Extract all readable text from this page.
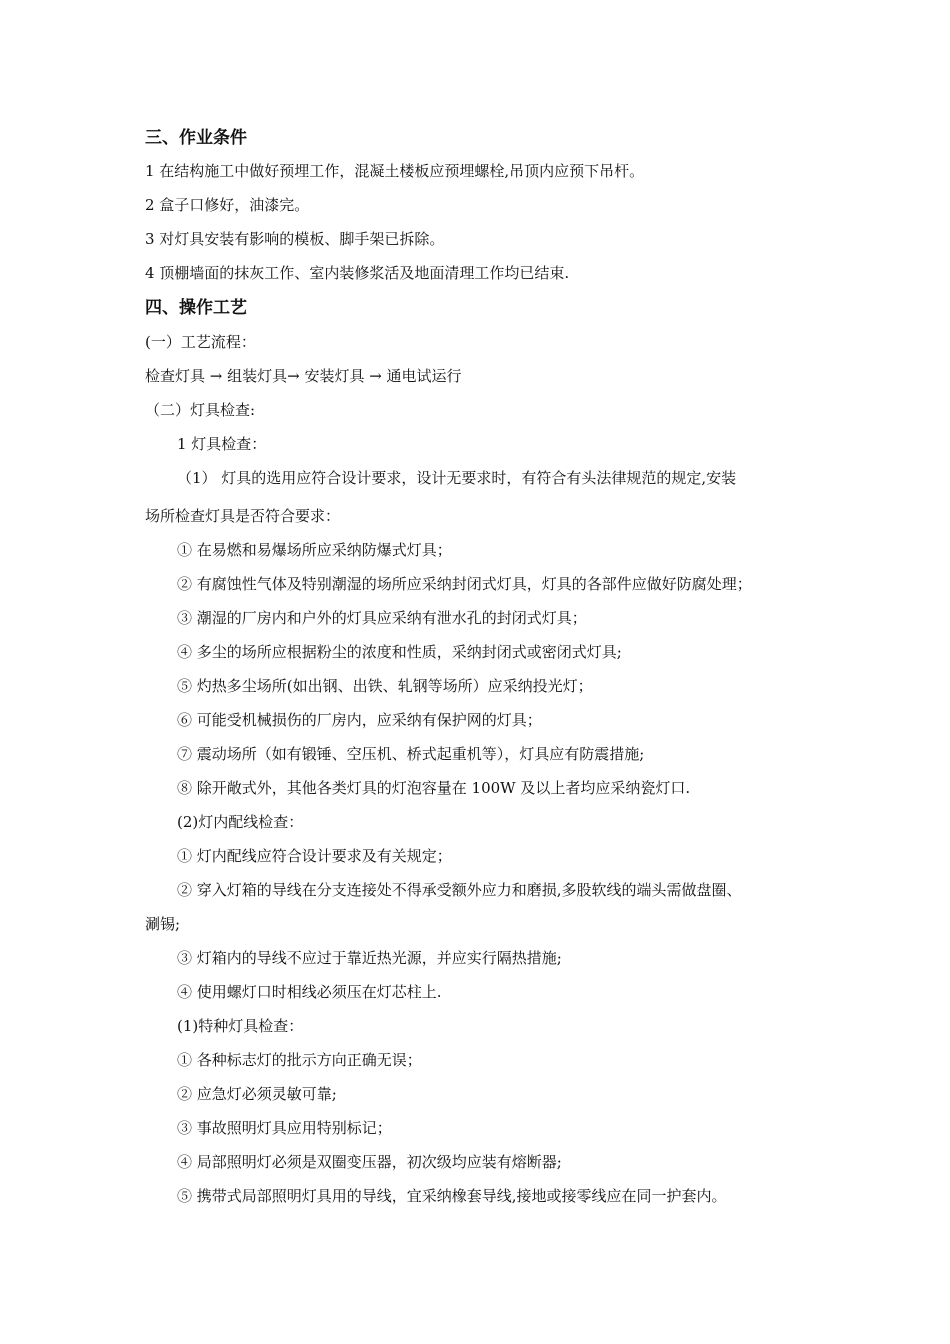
三、作业条件
1 在结构施工中做好预埋工作，混凝土楼板应预埋螺栓,吊顶内应预下吊杆。
2 盒子口修好，油漆完。
3 对灯具安装有影响的模板、脚手架已拆除。
4 顶棚墙面的抹灰工作、室内装修浆活及地面清理工作均已结束.
四、操作工艺
(一）工艺流程：
检查灯具 → 组装灯具→ 安装灯具 → 通电试运行
（二）灯具检查:
1 灯具检查：
（1） 灯具的选用应符合设计要求，设计无要求时，有符合有头法律规范的规定,安装
场所检查灯具是否符合要求：
① 在易燃和易爆场所应采纳防爆式灯具；
② 有腐蚀性气体及特别潮湿的场所应采纳封闭式灯具，灯具的各部件应做好防腐处理；
③ 潮湿的厂房内和户外的灯具应采纳有泄水孔的封闭式灯具；
④ 多尘的场所应根据粉尘的浓度和性质，采纳封闭式或密闭式灯具;
⑤ 灼热多尘场所(如出钢、出铁、轧钢等场所）应采纳投光灯；
⑥ 可能受机械损伤的厂房内，应采纳有保护网的灯具；
⑦ 震动场所（如有锻锤、空压机、桥式起重机等），灯具应有防震措施;
⑧ 除开敞式外，其他各类灯具的灯泡容量在 100W 及以上者均应采纳瓷灯口.
(2)灯内配线检查：
① 灯内配线应符合设计要求及有关规定；
② 穿入灯箱的导线在分支连接处不得承受额外应力和磨损,多股软线的端头需做盘圈、
涮锡;
③ 灯箱内的导线不应过于靠近热光源，并应实行隔热措施;
④ 使用螺灯口时相线必须压在灯芯柱上.
(1)特种灯具检查：
① 各种标志灯的批示方向正确无误；
② 应急灯必须灵敏可靠;
③ 事故照明灯具应用特别标记；
④ 局部照明灯必须是双圈变压器，初次级均应装有熔断器;
⑤ 携带式局部照明灯具用的导线，宜采纳橡套导线,接地或接零线应在同一护套内。
